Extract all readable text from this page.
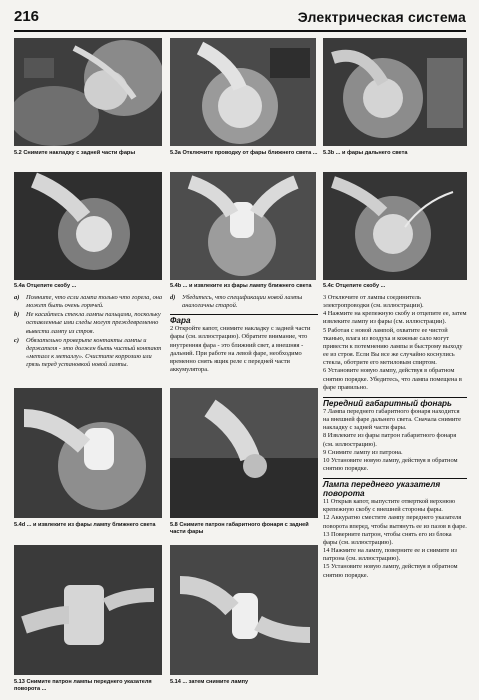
216	Электрическая система
5.2 Снимите накладку с задней части фары	5.3a Отключите проводку от фары ближнего света ... 5.3b ... и фары дальнего света
5.4a Отцепите скобу ...	5.4b ... и извлеките из фары лампу ближнего света	5.4c Отцепите скобу ...
a)	Помните, что если лампа только что горела, она может быть очень горячей.
b)	Не касайтесь стекла лампы пальцами, поскольку оставленные ими следы могут преждевременно вывести лампу из строя.
c)	Обязательно проверьте контакты лампы и держателя - это должен быть чистый контакт «металл к металлу». Счистите коррозию или грязь перед установкой новой лампы.
d)	Убедитесь, что спецификации новой лампы аналогичны старой.
Фара
2 Откройте капот, снимите накладку с задней части фары (см. иллюстрацию). Обратите внимание, что внутренняя фара - это ближний свет, а внешняя - дальний. При работе на левой фаре, необходимо временно снять ящик реле с передней части аккумулятора.
3 Отключите от лампы соединитель электропроводки (см. иллюстрации).
4 Нажмите на крепежную скобу и отцепите ее, затем извлеките лампу из фары (см. иллюстрации).
5 Работая с новой лампой, охватите ее чистой тканью, влага из воздуха и кожные сало могут привести к потемнению лампы и быстрому выходу ее из строя. Если Вы все же случайно коснулись стекла, оботрите его метиловым спиртом.
6 Установите новую лампу, действуя в обратном снятию порядке. Убедитесь, что лампа помещена в фаре правильно.
Передний габаритный фонарь
7 Лампа переднего габаритного фонаря находится на внешней фаре дальнего света. Сначала снимите накладку с задней части фары.
8 Извлеките из фары патрон габаритного фонаря (см. иллюстрацию).
9 Снимите лампу из патрона.
10 Установите новую лампу, действуя в обратном снятию порядке.
Лампа переднего указателя поворота
11 Открыв капот, выпустите отверткой верхнюю крепежную скобу с внешней стороны фары.
12 Аккуратно сместите лампу переднего указателя поворота вперед, чтобы вытянуть ее из пазов в фаре.
13 Поверните патрон, чтобы снять его из блока фары (см. иллюстрацию).
14 Нажмите на лампу, поверните ее и снимите из патрона (см. иллюстрацию).
15 Установите новую лампу, действуя в обратном снятию порядке.
5.4d ... и извлеките из фары лампу ближнего света	5.8 Снимите патрон габаритного фонаря с задней части фары
5.13 Снимите патрон лампы переднего указателя поворота ...
5.14 ... затем снимите лампу
